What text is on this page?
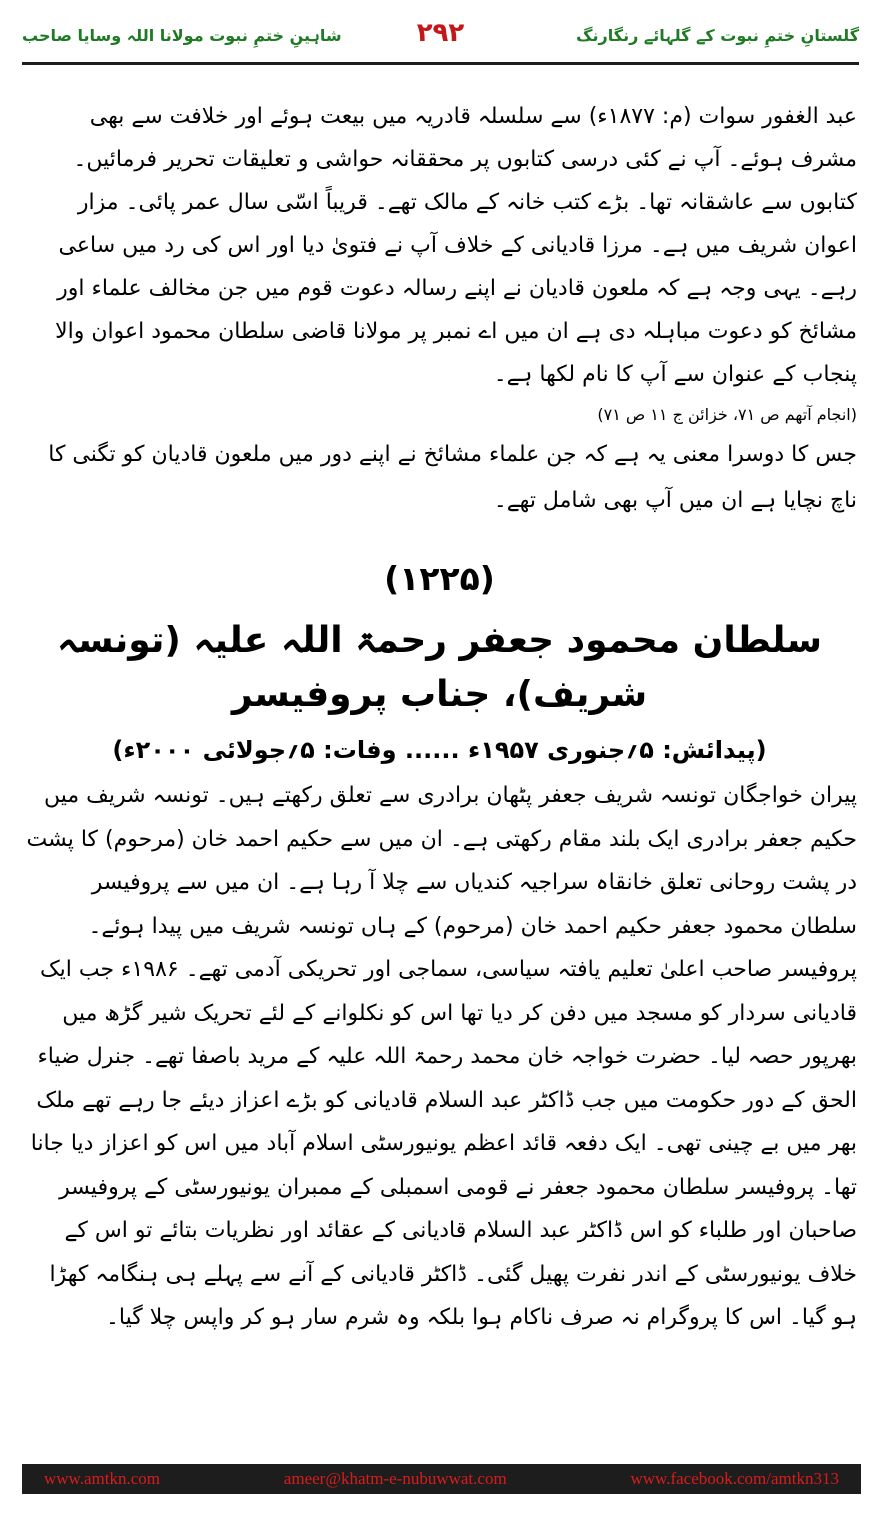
گلستانِ ختمِ نبوت کے گلہائے رنگارنگ
۲۹۲
شاہینِ ختمِ نبوت مولانا اللہ وسایا صاحب

عبد الغفور سوات (م: ۱۸۷۷ء) سے سلسلہ قادریہ میں بیعت ہوئے اور خلافت سے بھی مشرف ہوئے۔ آپ نے کئی درسی کتابوں پر محققانہ حواشی و تعلیقات تحریر فرمائیں۔ کتابوں سے عاشقانہ تھا۔ بڑے کتب خانہ کے مالک تھے۔ قریباً اسّی سال عمر پائی۔ مزار اعوان شریف میں ہے۔ مرزا قادیانی کے خلاف آپ نے فتویٰ دیا اور اس کی رد میں ساعی رہے۔ یہی وجہ ہے کہ ملعون قادیان نے اپنے رسالہ دعوت قوم میں جن مخالف علماء اور مشائخ کو دعوت مباہلہ دی ہے ان میں اے نمبر پر مولانا قاضی سلطان محمود اعوان والا پنجاب کے عنوان سے آپ کا نام لکھا ہے۔

(انجام آتھم ص ۷۱، خزائن ج ۱۱ ص ۷۱)

جس کا دوسرا معنی یہ ہے کہ جن علماء مشائخ نے اپنے دور میں ملعون قادیان کو تگنی کا ناچ نچایا ہے ان میں آپ بھی شامل تھے۔

(۱۲۲۵)

سلطان محمود جعفر رحمۃ اللہ علیہ (تونسہ شریف)، جناب پروفیسر

(پیدائش: ۵؍جنوری ۱۹۵۷ء ...... وفات: ۵؍جولائی ۲۰۰۰ء)

پیران خواجگان تونسہ شریف جعفر پٹھان برادری سے تعلق رکھتے ہیں۔ تونسہ شریف میں حکیم جعفر برادری ایک بلند مقام رکھتی ہے۔ ان میں سے حکیم احمد خان (مرحوم) کا پشت در پشت روحانی تعلق خانقاہ سراجیہ کندیاں سے چلا آ رہا ہے۔ ان میں سے پروفیسر سلطان محمود جعفر حکیم احمد خان (مرحوم) کے ہاں تونسہ شریف میں پیدا ہوئے۔ پروفیسر صاحب اعلیٰ تعلیم یافتہ سیاسی، سماجی اور تحریکی آدمی تھے۔ ۱۹۸۶ء جب ایک قادیانی سردار کو مسجد میں دفن کر دیا تھا اس کو نکلوانے کے لئے تحریک شیر گڑھ میں بھرپور حصہ لیا۔ حضرت خواجہ خان محمد رحمۃ اللہ علیہ کے مرید باصفا تھے۔ جنرل ضیاء الحق کے دور حکومت میں جب ڈاکٹر عبد السلام قادیانی کو بڑے اعزاز دیئے جا رہے تھے ملک بھر میں بے چینی تھی۔ ایک دفعہ قائد اعظم یونیورسٹی اسلام آباد میں اس کو اعزاز دیا جانا تھا۔ پروفیسر سلطان محمود جعفر نے قومی اسمبلی کے ممبران یونیورسٹی کے پروفیسر صاحبان اور طلباء کو اس ڈاکٹر عبد السلام قادیانی کے عقائد اور نظریات بتائے تو اس کے خلاف یونیورسٹی کے اندر نفرت پھیل گئی۔ ڈاکٹر قادیانی کے آنے سے پہلے ہی ہنگامہ کھڑا ہو گیا۔ اس کا پروگرام نہ صرف ناکام ہوا بلکہ وہ شرم سار ہو کر واپس چلا گیا۔

www.amtkn.com	ameer@khatm-e-nubuwwat.com	www.facebook.com/amtkn313
